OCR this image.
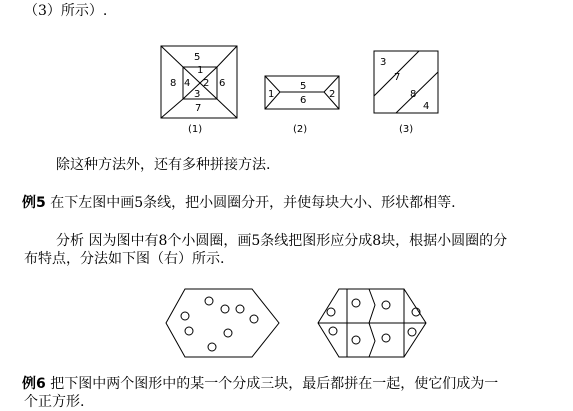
（3）所示）.
除这种方法外，还有多种拼接方法.
例5 在下左图中画5条线，把小圆圈分开，并使每块大小、形状都相等.
分析 因为图中有8个小圆圈，画5条线把图形应分成8块，根据小圆圈的分
布特点，分法如下图（右）所示.
例6 把下图中两个图形中的某一个分成三块，最后都拼在一起，使它们成为一
个正方形.
5
1
4 2
3
8	6
7
1
5
6
2
3
7
8
4
(1)	(2)	(3)
